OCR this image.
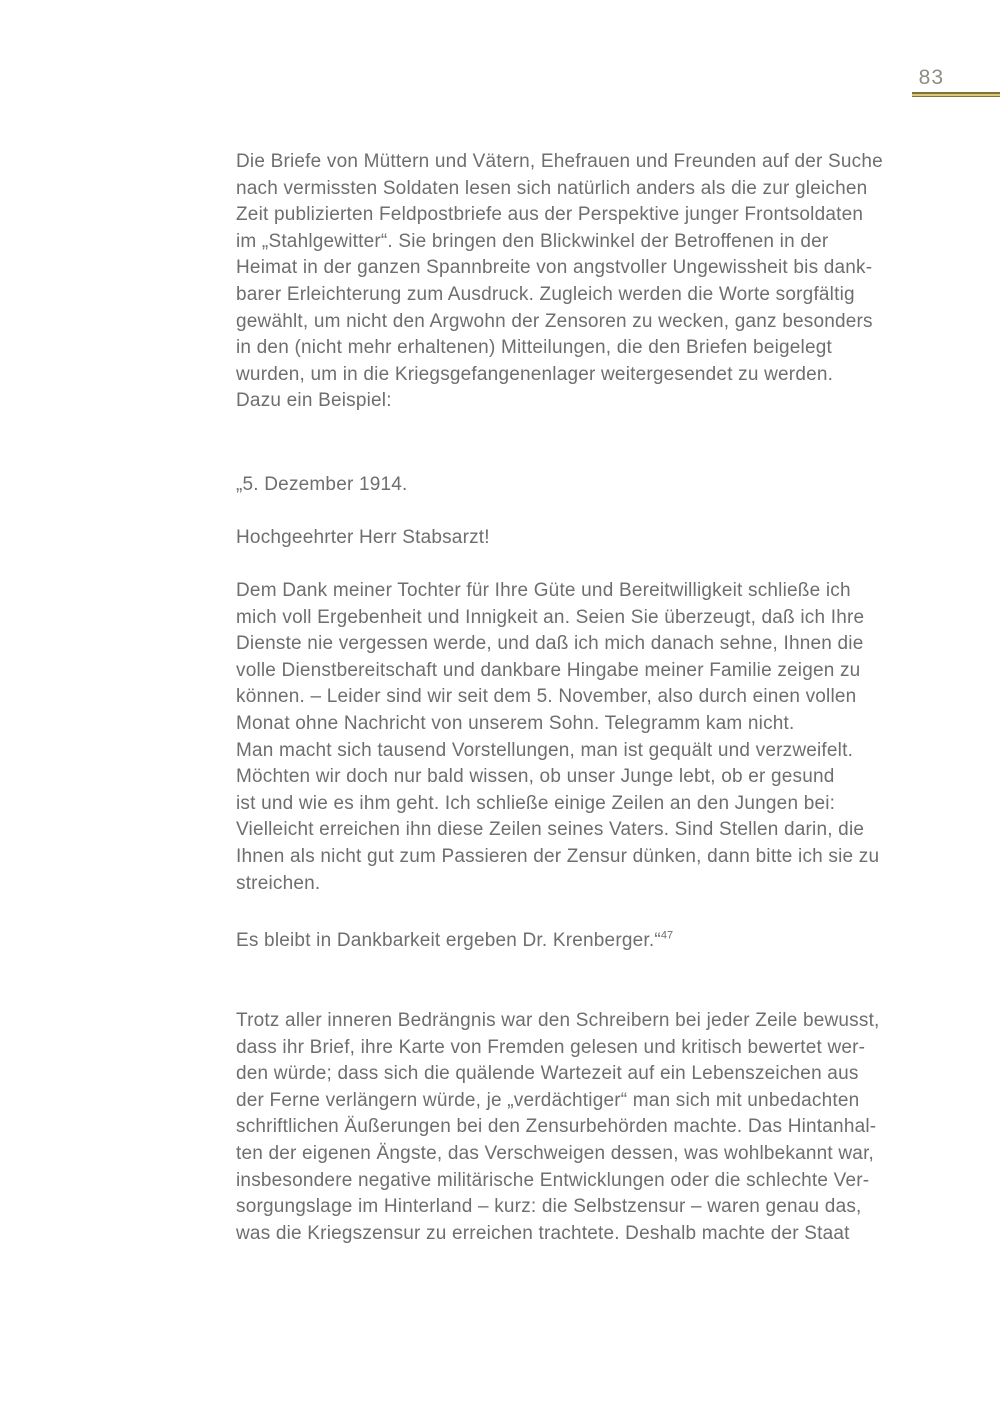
83
Die Briefe von Müttern und Vätern, Ehefrauen und Freunden auf der Suche
nach vermissten Soldaten lesen sich natürlich anders als die zur gleichen
Zeit publizierten Feldpostbriefe aus der Perspektive junger Frontsoldaten
im „Stahlgewitter“. Sie bringen den Blickwinkel der Betroffenen in der
Heimat in der ganzen Spannbreite von angstvoller Ungewissheit bis dank-
barer Erleichterung zum Ausdruck. Zugleich werden die Worte sorgfältig
gewählt, um nicht den Argwohn der Zensoren zu wecken, ganz besonders
in den (nicht mehr erhaltenen) Mitteilungen, die den Briefen beigelegt
wurden, um in die Kriegsgefangenenlager weitergesendet zu werden.
Dazu ein Beispiel:
„5. Dezember 1914.
Hochgeehrter Herr Stabsarzt!
Dem Dank meiner Tochter für Ihre Güte und Bereitwilligkeit schließe ich
mich voll Ergebenheit und Innigkeit an. Seien Sie überzeugt, daß ich Ihre
Dienste nie vergessen werde, und daß ich mich danach sehne, Ihnen die
volle Dienstbereitschaft und dankbare Hingabe meiner Familie zeigen zu
können. – Leider sind wir seit dem 5. November, also durch einen vollen
Monat ohne Nachricht von unserem Sohn. Telegramm kam nicht.
Man macht sich tausend Vorstellungen, man ist gequält und verzweifelt.
Möchten wir doch nur bald wissen, ob unser Junge lebt, ob er gesund
ist und wie es ihm geht. Ich schließe einige Zeilen an den Jungen bei:
Vielleicht erreichen ihn diese Zeilen seines Vaters. Sind Stellen darin, die
Ihnen als nicht gut zum Passieren der Zensur dünken, dann bitte ich sie zu
streichen.
Es bleibt in Dankbarkeit ergeben Dr. Krenberger.“$^{47}$
Trotz aller inneren Bedrängnis war den Schreibern bei jeder Zeile bewusst,
dass ihr Brief, ihre Karte von Fremden gelesen und kritisch bewertet wer-
den würde; dass sich die quälende Wartezeit auf ein Lebenszeichen aus
der Ferne verlängern würde, je „verdächtiger“ man sich mit unbedachten
schriftlichen Äußerungen bei den Zensurbehörden machte. Das Hintanhal-
ten der eigenen Ängste, das Verschweigen dessen, was wohlbekannt war,
insbesondere negative militärische Entwicklungen oder die schlechte Ver-
sorgungslage im Hinterland – kurz: die Selbstzensur – waren genau das,
was die Kriegszensur zu erreichen trachtete. Deshalb machte der Staat
